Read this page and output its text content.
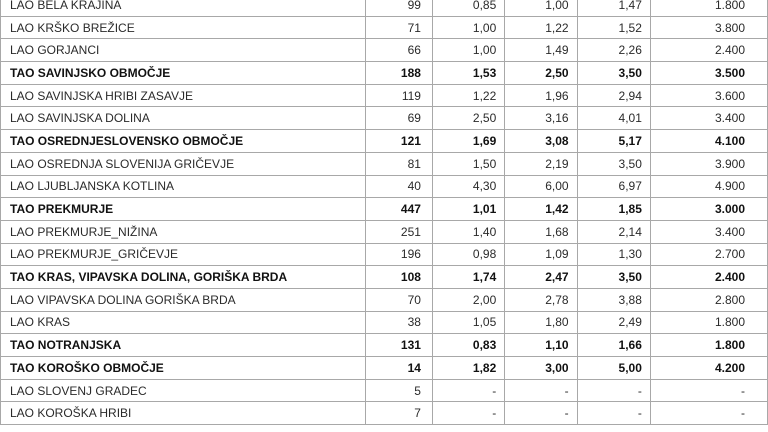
LAO BELA KRAJINA	99	0,85	1,00	1,47	1.800
LAO KRŠKO BREŽICE	71	1,00	1,22	1,52	3.800
LAO GORJANCI	66	1,00	1,49	2,26	2.400
TAO SAVINJSKO OBMOČJE	188	1,53	2,50	3,50	3.500
LAO SAVINJSKA HRIBI ZASAVJE	119	1,22	1,96	2,94	3.600
LAO SAVINJSKA DOLINA	69	2,50	3,16	4,01	3.400
TAO OSREDNJESLOVENSKO OBMOČJE	121	1,69	3,08	5,17	4.100
LAO OSREDNJA SLOVENIJA GRIČEVJE	81	1,50	2,19	3,50	3.900
LAO LJUBLJANSKA KOTLINA	40	4,30	6,00	6,97	4.900
TAO PREKMURJE	447	1,01	1,42	1,85	3.000
LAO PREKMURJE_NIŽINA	251	1,40	1,68	2,14	3.400
LAO PREKMURJE_GRIČEVJE	196	0,98	1,09	1,30	2.700
TAO KRAS, VIPAVSKA DOLINA, GORIŠKA BRDA	108	1,74	2,47	3,50	2.400
LAO VIPAVSKA DOLINA GORIŠKA BRDA	70	2,00	2,78	3,88	2.800
LAO KRAS	38	1,05	1,80	2,49	1.800
TAO NOTRANJSKA	131	0,83	1,10	1,66	1.800
TAO KOROŠKO OBMOČJE	14	1,82	3,00	5,00	4.200
LAO SLOVENJ GRADEC	5	-	-	-	-
LAO KOROŠKA HRIBI	7	-	-	-	-
